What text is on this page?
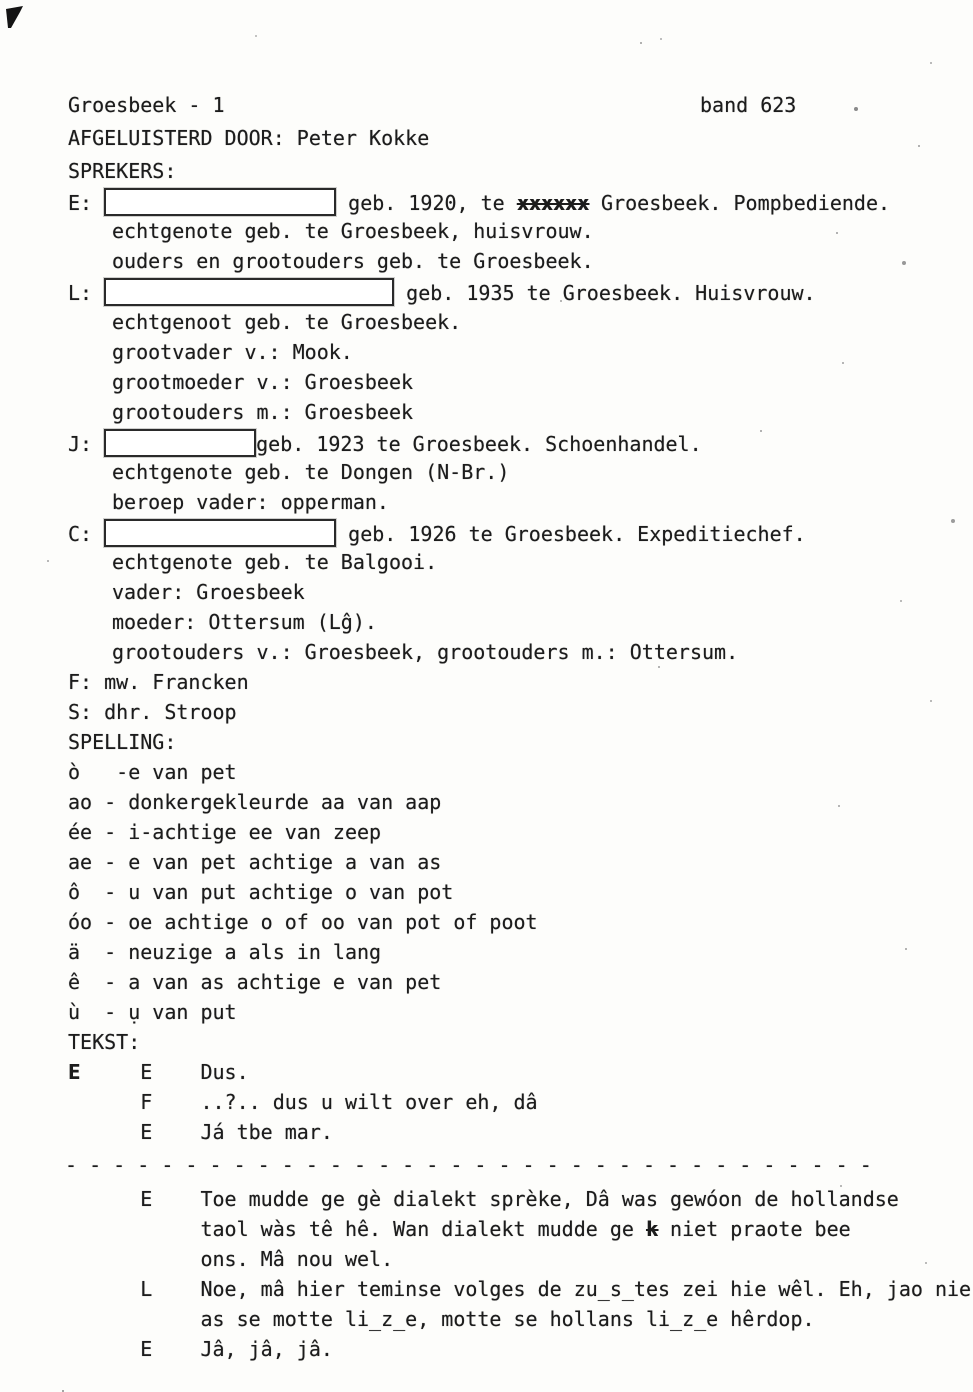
Groesbeek - 1	band 623
AFGELUISTERD DOOR: Peter Kokke
SPREKERS:
E:	geb. 1920, te xxxxxx Groesbeek. Pompbediende.
echtgenote geb. te Groesbeek, huisvrouw.
ouders en grootouders geb. te Groesbeek.
L:	geb. 1935 te Groesbeek. Huisvrouw.
echtgenoot geb. te Groesbeek.
grootvader v.: Mook.
grootmoeder v.: Groesbeek
grootouders m.: Groesbeek
J:	geb. 1923 te Groesbeek. Schoenhandel.
echtgenote geb. te Dongen (N-Br.)
beroep vader: opperman.
C:	geb. 1926 te Groesbeek. Expeditiechef.
echtgenote geb. te Balgooi.
vader: Groesbeek
moeder: Ottersum (Lĝ).
grootouders v.: Groesbeek, grootouders m.: Ottersum.
F: mw. Francken
S: dhr. Stroop
SPELLING:
ò   -e van pet
ao - donkergekleurde aa van aap
ée - i-achtige ee van zeep
ae - e van pet achtige a van as
ô  - u van put achtige o van pot
óo - oe achtige o of oo van pot of poot
ä  - neuzige a als in lang
ê  - a van as achtige e van pet
ù  - ụ van put
TEKST:
E     E    Dus.
F    ..?.. dus u wilt over eh, dâ
E    Já tbe mar.
- - - - - - - - - - - - - - - - - - - - - - - - - - - - - - - - - -
E    Toe mudde ge gè dialekt sprèke, Dâ was gewóon de hollandse
taol wàs tê hê. Wan dialekt mudde ge k niet praote bee
ons. Mâ nou wel.
L    Noe, mâ hier teminse volges de zu̲s̲tes zei hie wêl. Eh, jao nie
as se motte li̲z̲e, motte se hollans li̲z̲e hêrdop.
E    Jâ, jâ, jâ.
